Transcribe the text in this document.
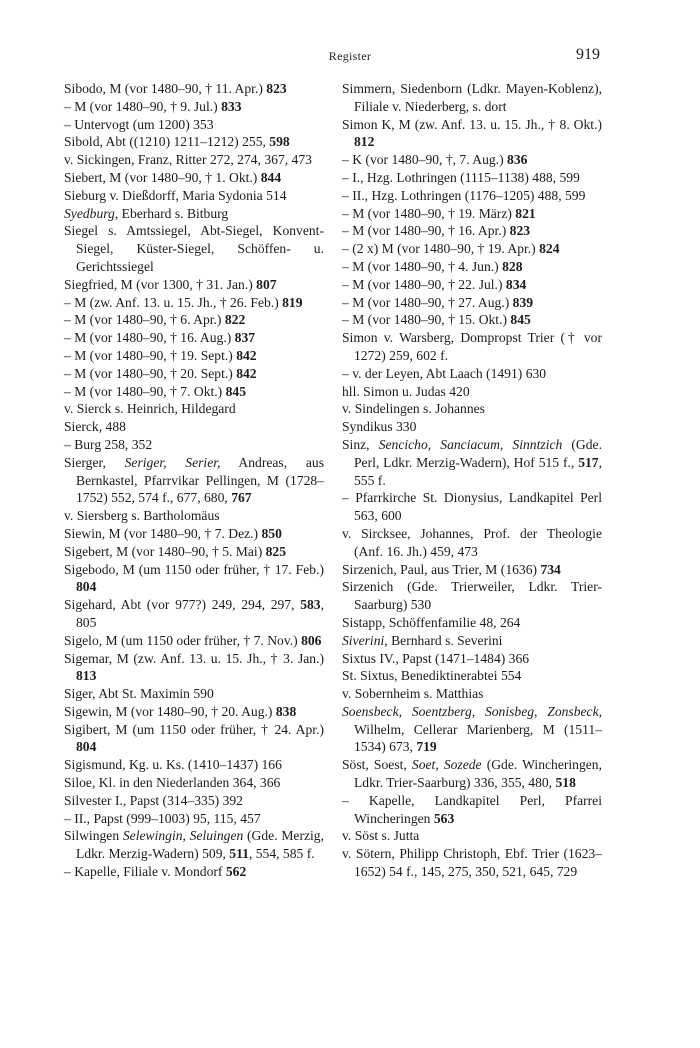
Register	919

Sibodo, M (vor 1480–90, † 11. Apr.) 823

– M (vor 1480–90, † 9. Jul.) 833

– Untervogt (um 1200) 353

Sibold, Abt ((1210) 1211–1212) 255, 598

v. Sickingen, Franz, Ritter 272, 274, 367, 473

Siebert, M (vor 1480–90, † 1. Okt.) 844

Sieburg v. Dießdorff, Maria Sydonia 514

Syedburg, Eberhard s. Bitburg

Siegel s. Amtssiegel, Abt-Siegel, Konvent-Siegel, Küster-Siegel, Schöffen- u. Gerichtssiegel

Siegfried, M (vor 1300, † 31. Jan.) 807

– M (zw. Anf. 13. u. 15. Jh., † 26. Feb.) 819

– M (vor 1480–90, † 6. Apr.) 822

– M (vor 1480–90, † 16. Aug.) 837

– M (vor 1480–90, † 19. Sept.) 842

– M (vor 1480–90, † 20. Sept.) 842

– M (vor 1480–90, † 7. Okt.) 845

v. Sierck s. Heinrich, Hildegard

Sierck, 488

– Burg 258, 352

Sierger, Seriger, Serier, Andreas, aus Bernkastel, Pfarrvikar Pellingen, M (1728–1752) 552, 574 f., 677, 680, 767

v. Siersberg s. Bartholomäus

Siewin, M (vor 1480–90, † 7. Dez.) 850

Sigebert, M (vor 1480–90, † 5. Mai) 825

Sigebodo, M (um 1150 oder früher, † 17. Feb.) 804

Sigehard, Abt (vor 977?) 249, 294, 297, 583, 805

Sigelo, M (um 1150 oder früher, † 7. Nov.) 806

Sigemar, M (zw. Anf. 13. u. 15. Jh., † 3. Jan.) 813

Siger, Abt St. Maximin 590

Sigewin, M (vor 1480–90, † 20. Aug.) 838

Sigibert, M (um 1150 oder früher, † 24. Apr.) 804

Sigismund, Kg. u. Ks. (1410–1437) 166

Siloe, Kl. in den Niederlanden 364, 366

Silvester I., Papst (314–335) 392

– II., Papst (999–1003) 95, 115, 457

Silwingen Selewingin, Seluingen (Gde. Merzig, Ldkr. Merzig-Wadern) 509, 511, 554, 585 f.

– Kapelle, Filiale v. Mondorf 562

Simmern, Siedenborn (Ldkr. Mayen-Koblenz), Filiale v. Niederberg, s. dort

Simon K, M (zw. Anf. 13. u. 15. Jh., † 8. Okt.) 812

– K (vor 1480–90, †, 7. Aug.) 836

– I., Hzg. Lothringen (1115–1138) 488, 599

– II., Hzg. Lothringen (1176–1205) 488, 599

– M (vor 1480–90, † 19. März) 821

– M (vor 1480–90, † 16. Apr.) 823

– (2 x) M (vor 1480–90, † 19. Apr.) 824

– M (vor 1480–90, † 4. Jun.) 828

– M (vor 1480–90, † 22. Jul.) 834

– M (vor 1480–90, † 27. Aug.) 839

– M (vor 1480–90, † 15. Okt.) 845

Simon v. Warsberg, Dompropst Trier († vor 1272) 259, 602 f.

– v. der Leyen, Abt Laach (1491) 630

hll. Simon u. Judas 420

v. Sindelingen s. Johannes

Syndikus 330

Sinz, Sencicho, Sanciacum, Sinntzich (Gde. Perl, Ldkr. Merzig-Wadern), Hof 515 f., 517, 555 f.

– Pfarrkirche St. Dionysius, Landkapitel Perl 563, 600

v. Sircksee, Johannes, Prof. der Theologie (Anf. 16. Jh.) 459, 473

Sirzenich, Paul, aus Trier, M (1636) 734

Sirzenich (Gde. Trierweiler, Ldkr. Trier-Saarburg) 530

Sistapp, Schöffenfamilie 48, 264

Siverini, Bernhard s. Severini

Sixtus IV., Papst (1471–1484) 366

St. Sixtus, Benediktinerabtei 554

v. Sobernheim s. Matthias

Soensbeck, Soentzberg, Sonisbeg, Zonsbeck, Wilhelm, Cellerar Marienberg, M (1511–1534) 673, 719

Söst, Soest, Soet, Sozede (Gde. Wincheringen, Ldkr. Trier-Saarburg) 336, 355, 480, 518

– Kapelle, Landkapitel Perl, Pfarrei Wincheringen 563

v. Söst s. Jutta

v. Sötern, Philipp Christoph, Ebf. Trier (1623–1652) 54 f., 145, 275, 350, 521, 645, 729
